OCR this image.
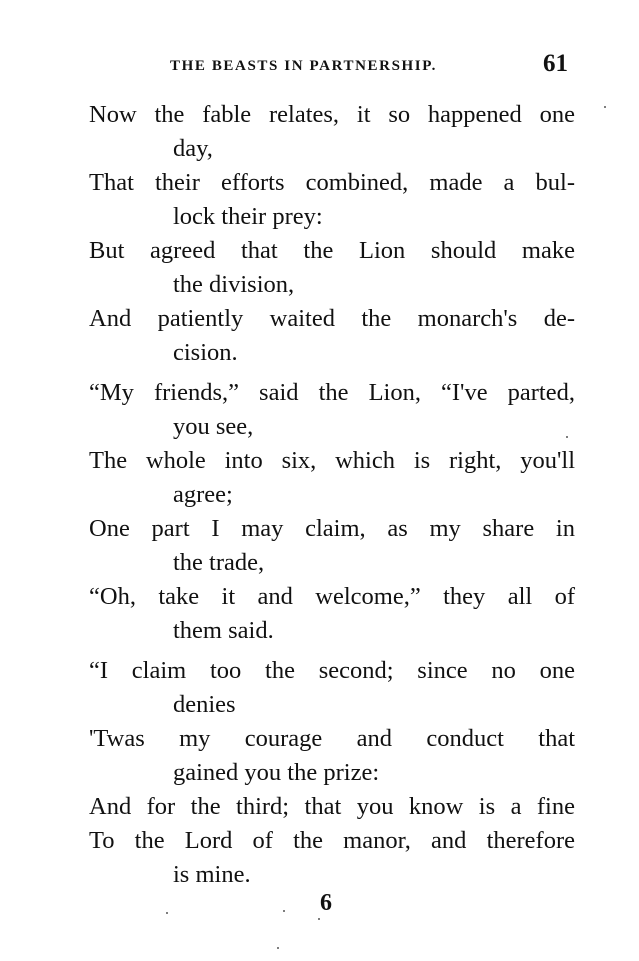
THE BEASTS IN PARTNERSHIP.	61
Now the fable relates, it so happened one
day,
That their efforts combined, made a bul-
lock their prey:
But agreed that the Lion should make
the division,
And patiently waited the monarch's de-
cision.
“My friends,” said the Lion, “I've parted,
you see,
The whole into six, which is right, you'll
agree;
One part I may claim, as my share in
the trade,
“Oh, take it and welcome,” they all of
them said.
“I claim too the second; since no one
denies
'Twas my courage and conduct that
gained you the prize:
And for the third; that you know is a fine
To the Lord of the manor, and therefore
is mine.
6
